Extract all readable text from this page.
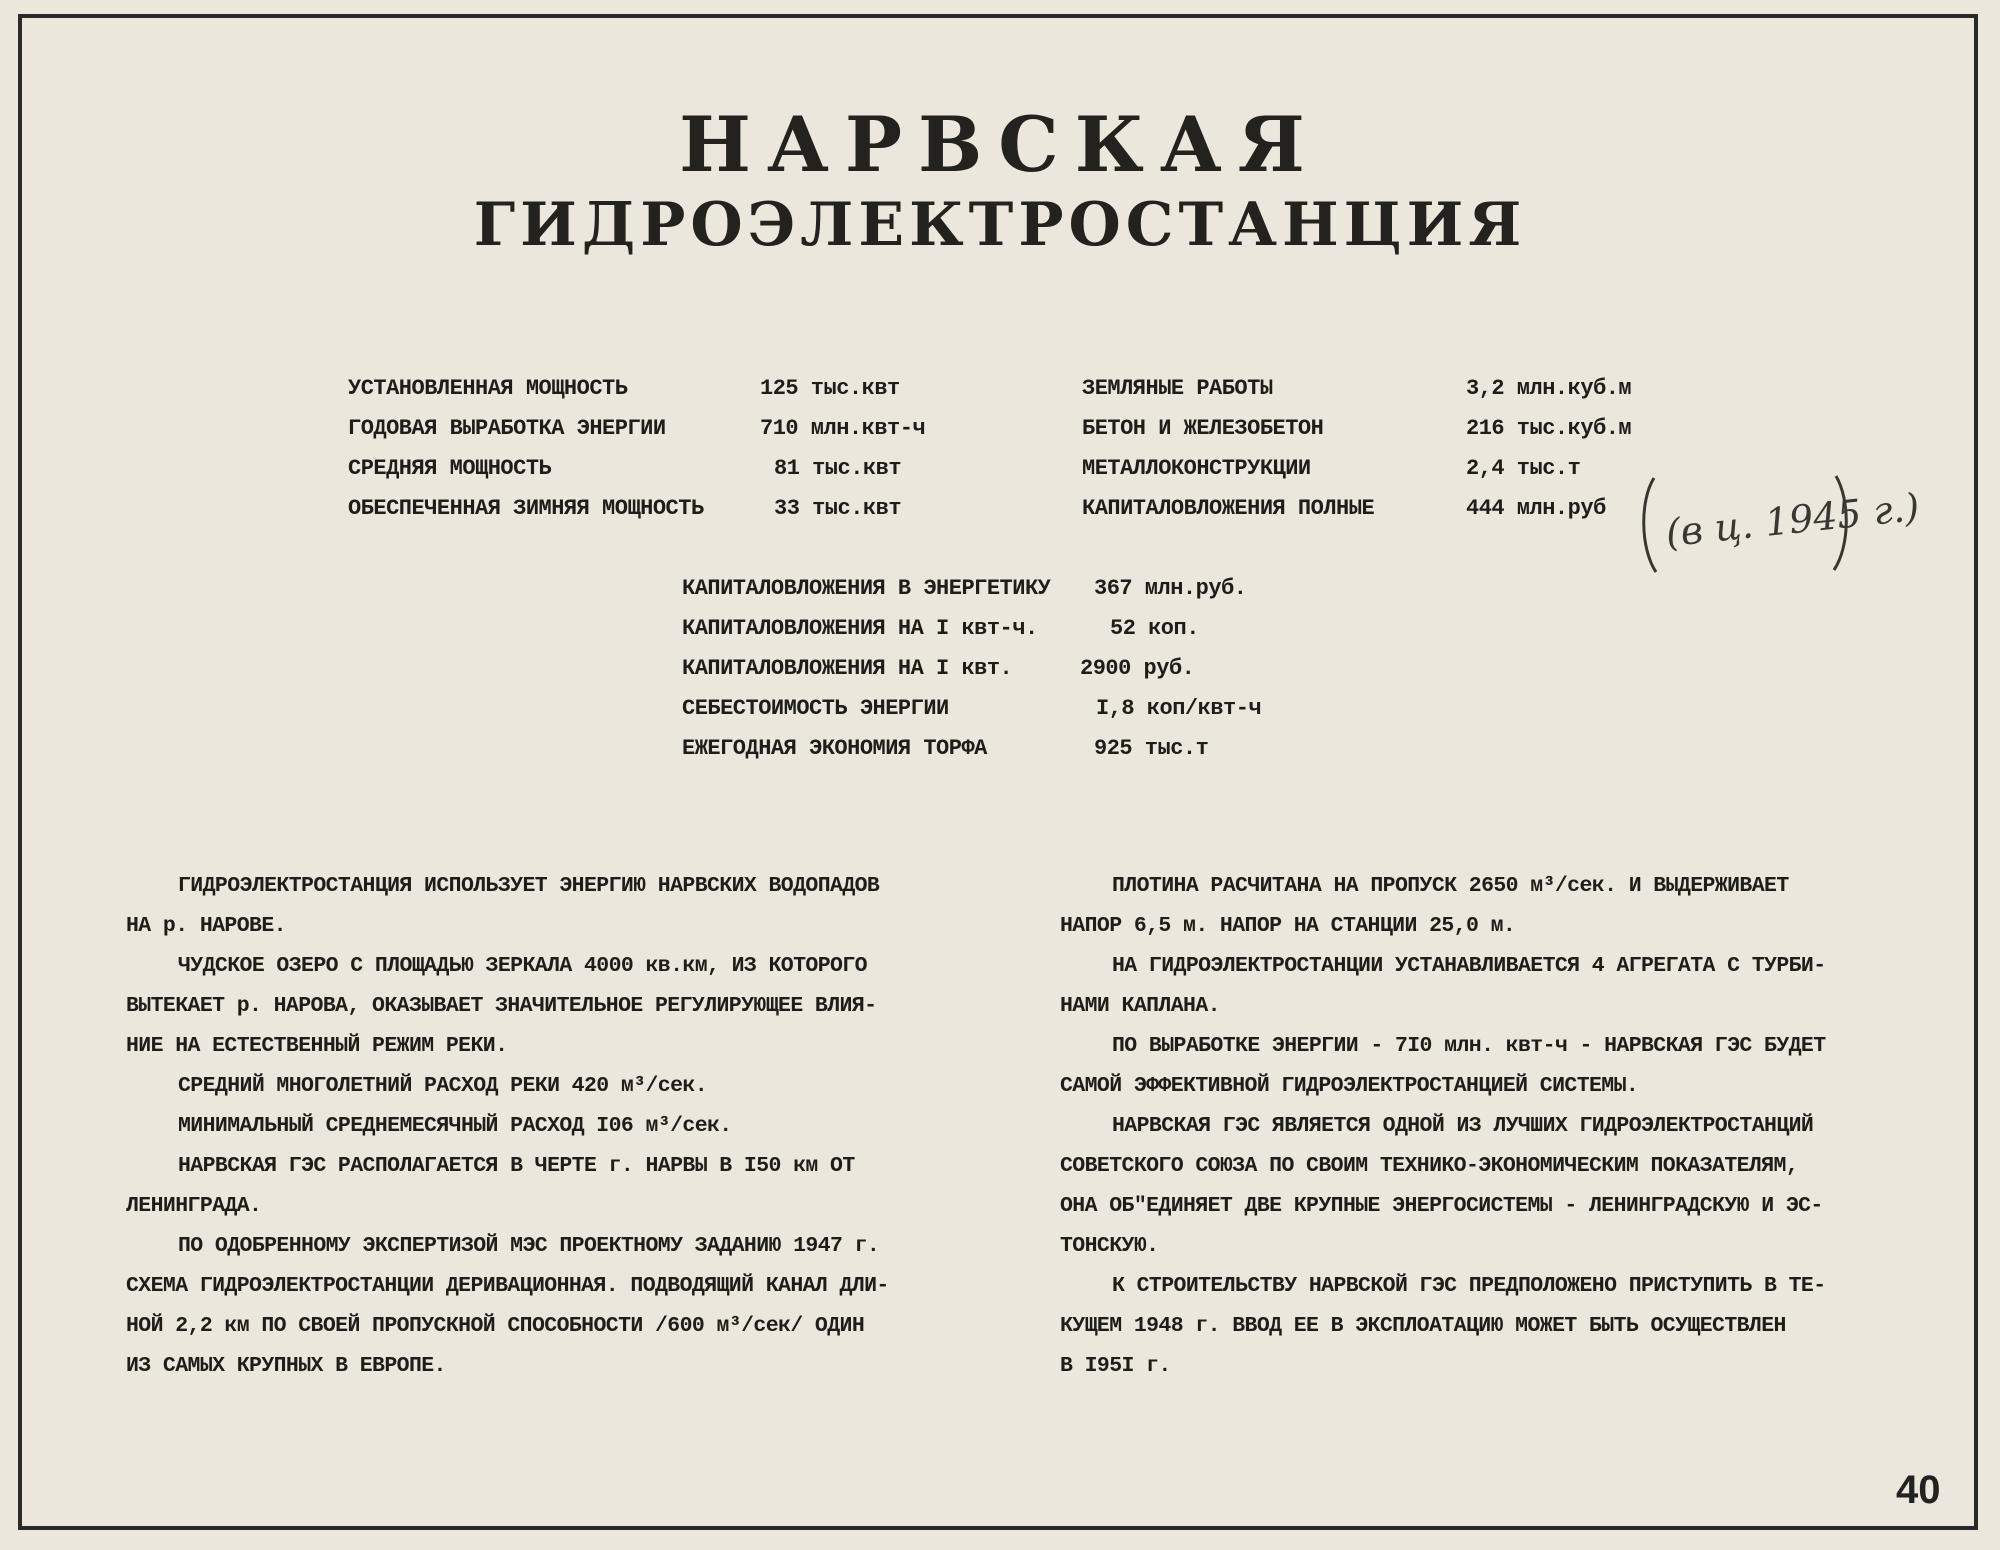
НАРВСКАЯ
ГИДРОЭЛЕКТРОСТАНЦИЯ
УСТАНОВЛЕННАЯ МОЩНОСТЬ	125 тыс.квт
ГОДОВАЯ ВЫРАБОТКА ЭНЕРГИИ	710 млн.квт-ч
СРЕДНЯЯ МОЩНОСТЬ	81 тыс.квт
ОБЕСПЕЧЕННАЯ ЗИМНЯЯ МОЩНОСТЬ	33 тыс.квт
ЗЕМЛЯНЫЕ РАБОТЫ	3,2 млн.куб.м
БЕТОН И ЖЕЛЕЗОБЕТОН	216 тыс.куб.м
МЕТАЛЛОКОНСТРУКЦИИ	2,4 тыс.т
КАПИТАЛОВЛОЖЕНИЯ ПОЛНЫЕ	444 млн.руб (в ц. 1945 г.)
КАПИТАЛОВЛОЖЕНИЯ В ЭНЕРГЕТИКУ 367 млн.руб.
КАПИТАЛОВЛОЖЕНИЯ НА I квт-ч.	52 коп.
КАПИТАЛОВЛОЖЕНИЯ НА I квт.	2900 руб.
СЕБЕСТОИМОСТЬ ЭНЕРГИИ	I,8 коп/квт-ч
ЕЖЕГОДНАЯ ЭКОНОМИЯ ТОРФА	925 тыс.т
ГИДРОЭЛЕКТРОСТАНЦИЯ ИСПОЛЬЗУЕТ ЭНЕРГИЮ НАРВСКИХ ВОДОПАДОВ
НА р. НАРОВЕ.
ЧУДСКОЕ ОЗЕРО С ПЛОЩАДЬЮ ЗЕРКАЛА 4000 кв.км, ИЗ КОТОРОГО
ВЫТЕКАЕТ р. НАРОВА, ОКАЗЫВАЕТ ЗНАЧИТЕЛЬНОЕ РЕГУЛИРУЮЩЕЕ ВЛИЯ-
НИЕ НА ЕСТЕСТВЕННЫЙ РЕЖИМ РЕКИ.
СРЕДНИЙ МНОГОЛЕТНИЙ РАСХОД РЕКИ 420 м³/сек.
МИНИМАЛЬНЫЙ СРЕДНЕМЕСЯЧНЫЙ РАСХОД I06 м³/сек.
НАРВСКАЯ ГЭС РАСПОЛАГАЕТСЯ В ЧЕРТЕ г. НАРВЫ В I50 км ОТ
ЛЕНИНГРАДА.
ПО ОДОБРЕННОМУ ЭКСПЕРТИЗОЙ МЭС ПРОЕКТНОМУ ЗАДАНИЮ 1947 г.
СХЕМА ГИДРОЭЛЕКТРОСТАНЦИИ ДЕРИВАЦИОННАЯ. ПОДВОДЯЩИЙ КАНАЛ ДЛИ-
НОЙ 2,2 км ПО СВОЕЙ ПРОПУСКНОЙ СПОСОБНОСТИ /600 м³/сек/ ОДИН
ИЗ САМЫХ КРУПНЫХ В ЕВРОПЕ.
ПЛОТИНА РАСЧИТАНА НА ПРОПУСК 2650 м³/сек. И ВЫДЕРЖИВАЕТ
НАПОР 6,5 м. НАПОР НА СТАНЦИИ 25,0 м.
НА ГИДРОЭЛЕКТРОСТАНЦИИ УСТАНАВЛИВАЕТСЯ 4 АГРЕГАТА С ТУРБИ-
НАМИ КАПЛАНА.
ПО ВЫРАБОТКЕ ЭНЕРГИИ - 7I0 млн. квт-ч - НАРВСКАЯ ГЭС БУДЕТ
САМОЙ ЭФФЕКТИВНОЙ ГИДРОЭЛЕКТРОСТАНЦИЕЙ СИСТЕМЫ.
НАРВСКАЯ ГЭС ЯВЛЯЕТСЯ ОДНОЙ ИЗ ЛУЧШИХ ГИДРОЭЛЕКТРОСТАНЦИЙ
СОВЕТСКОГО СОЮЗА ПО СВОИМ ТЕХНИКО-ЭКОНОМИЧЕСКИМ ПОКАЗАТЕЛЯМ,
ОНА ОБ"ЕДИНЯЕТ ДВЕ КРУПНЫЕ ЭНЕРГОСИСТЕМЫ - ЛЕНИНГРАДСКУЮ И ЭС-
ТОНСКУЮ.
К СТРОИТЕЛЬСТВУ НАРВСКОЙ ГЭС ПРЕДПОЛОЖЕНО ПРИСТУПИТЬ В ТЕ-
КУЩЕМ 1948 г. ВВОД ЕЕ В ЭКСПЛОАТАЦИЮ МОЖЕТ БЫТЬ ОСУЩЕСТВЛЕН
В I95I г.
40
